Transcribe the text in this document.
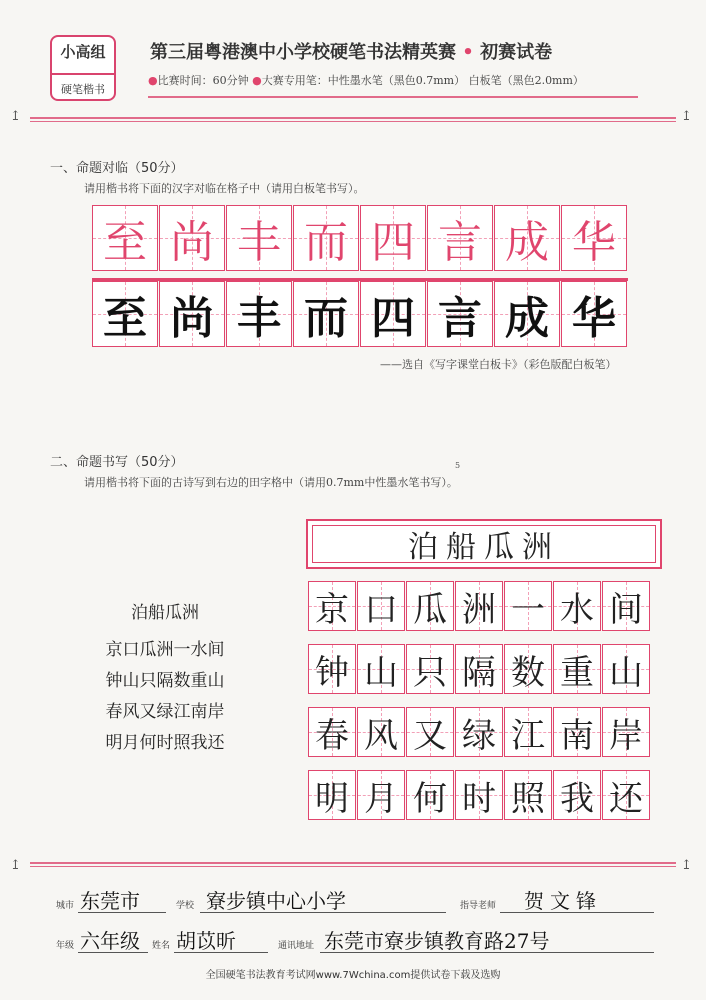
小高组
硬笔楷书
第三届粤港澳中小学校硬笔书法精英赛 • 初赛试卷
●比赛时间：60分钟 ●大赛专用笔：中性墨水笔（黑色0.7mm） 白板笔（黑色2.0mm）
↥	↥
一、命题对临（50分）
请用楷书将下面的汉字对临在格子中（请用白板笔书写）。
至 尚 丰 而 四 言 成 华
至 尚 丰 而 四 言 成 华
——选自《写字课堂白板卡》（彩色版配白板笔）
二、命题书写（50分）	5
请用楷书将下面的古诗写到右边的田字格中（请用0.7mm中性墨水笔书写）。
泊船瓜洲
京口瓜洲一水间
钟山只隔数重山
春风又绿江南岸
明月何时照我还
泊船瓜洲
京 口 瓜 洲 一 水 间
钟 山 只 隔 数 重 山
春 风 又 绿 江 南 岸
明 月 何 时 照 我 还
↥	↥
城市 东莞市	学校 寮步镇中心小学	指导老师 贺文锋
年级 六年级 姓名 胡苡昕	通讯地址 东莞市寮步镇教育路27号
全国硬笔书法教育考试网www.7Wchina.com提供试卷下载及选购
